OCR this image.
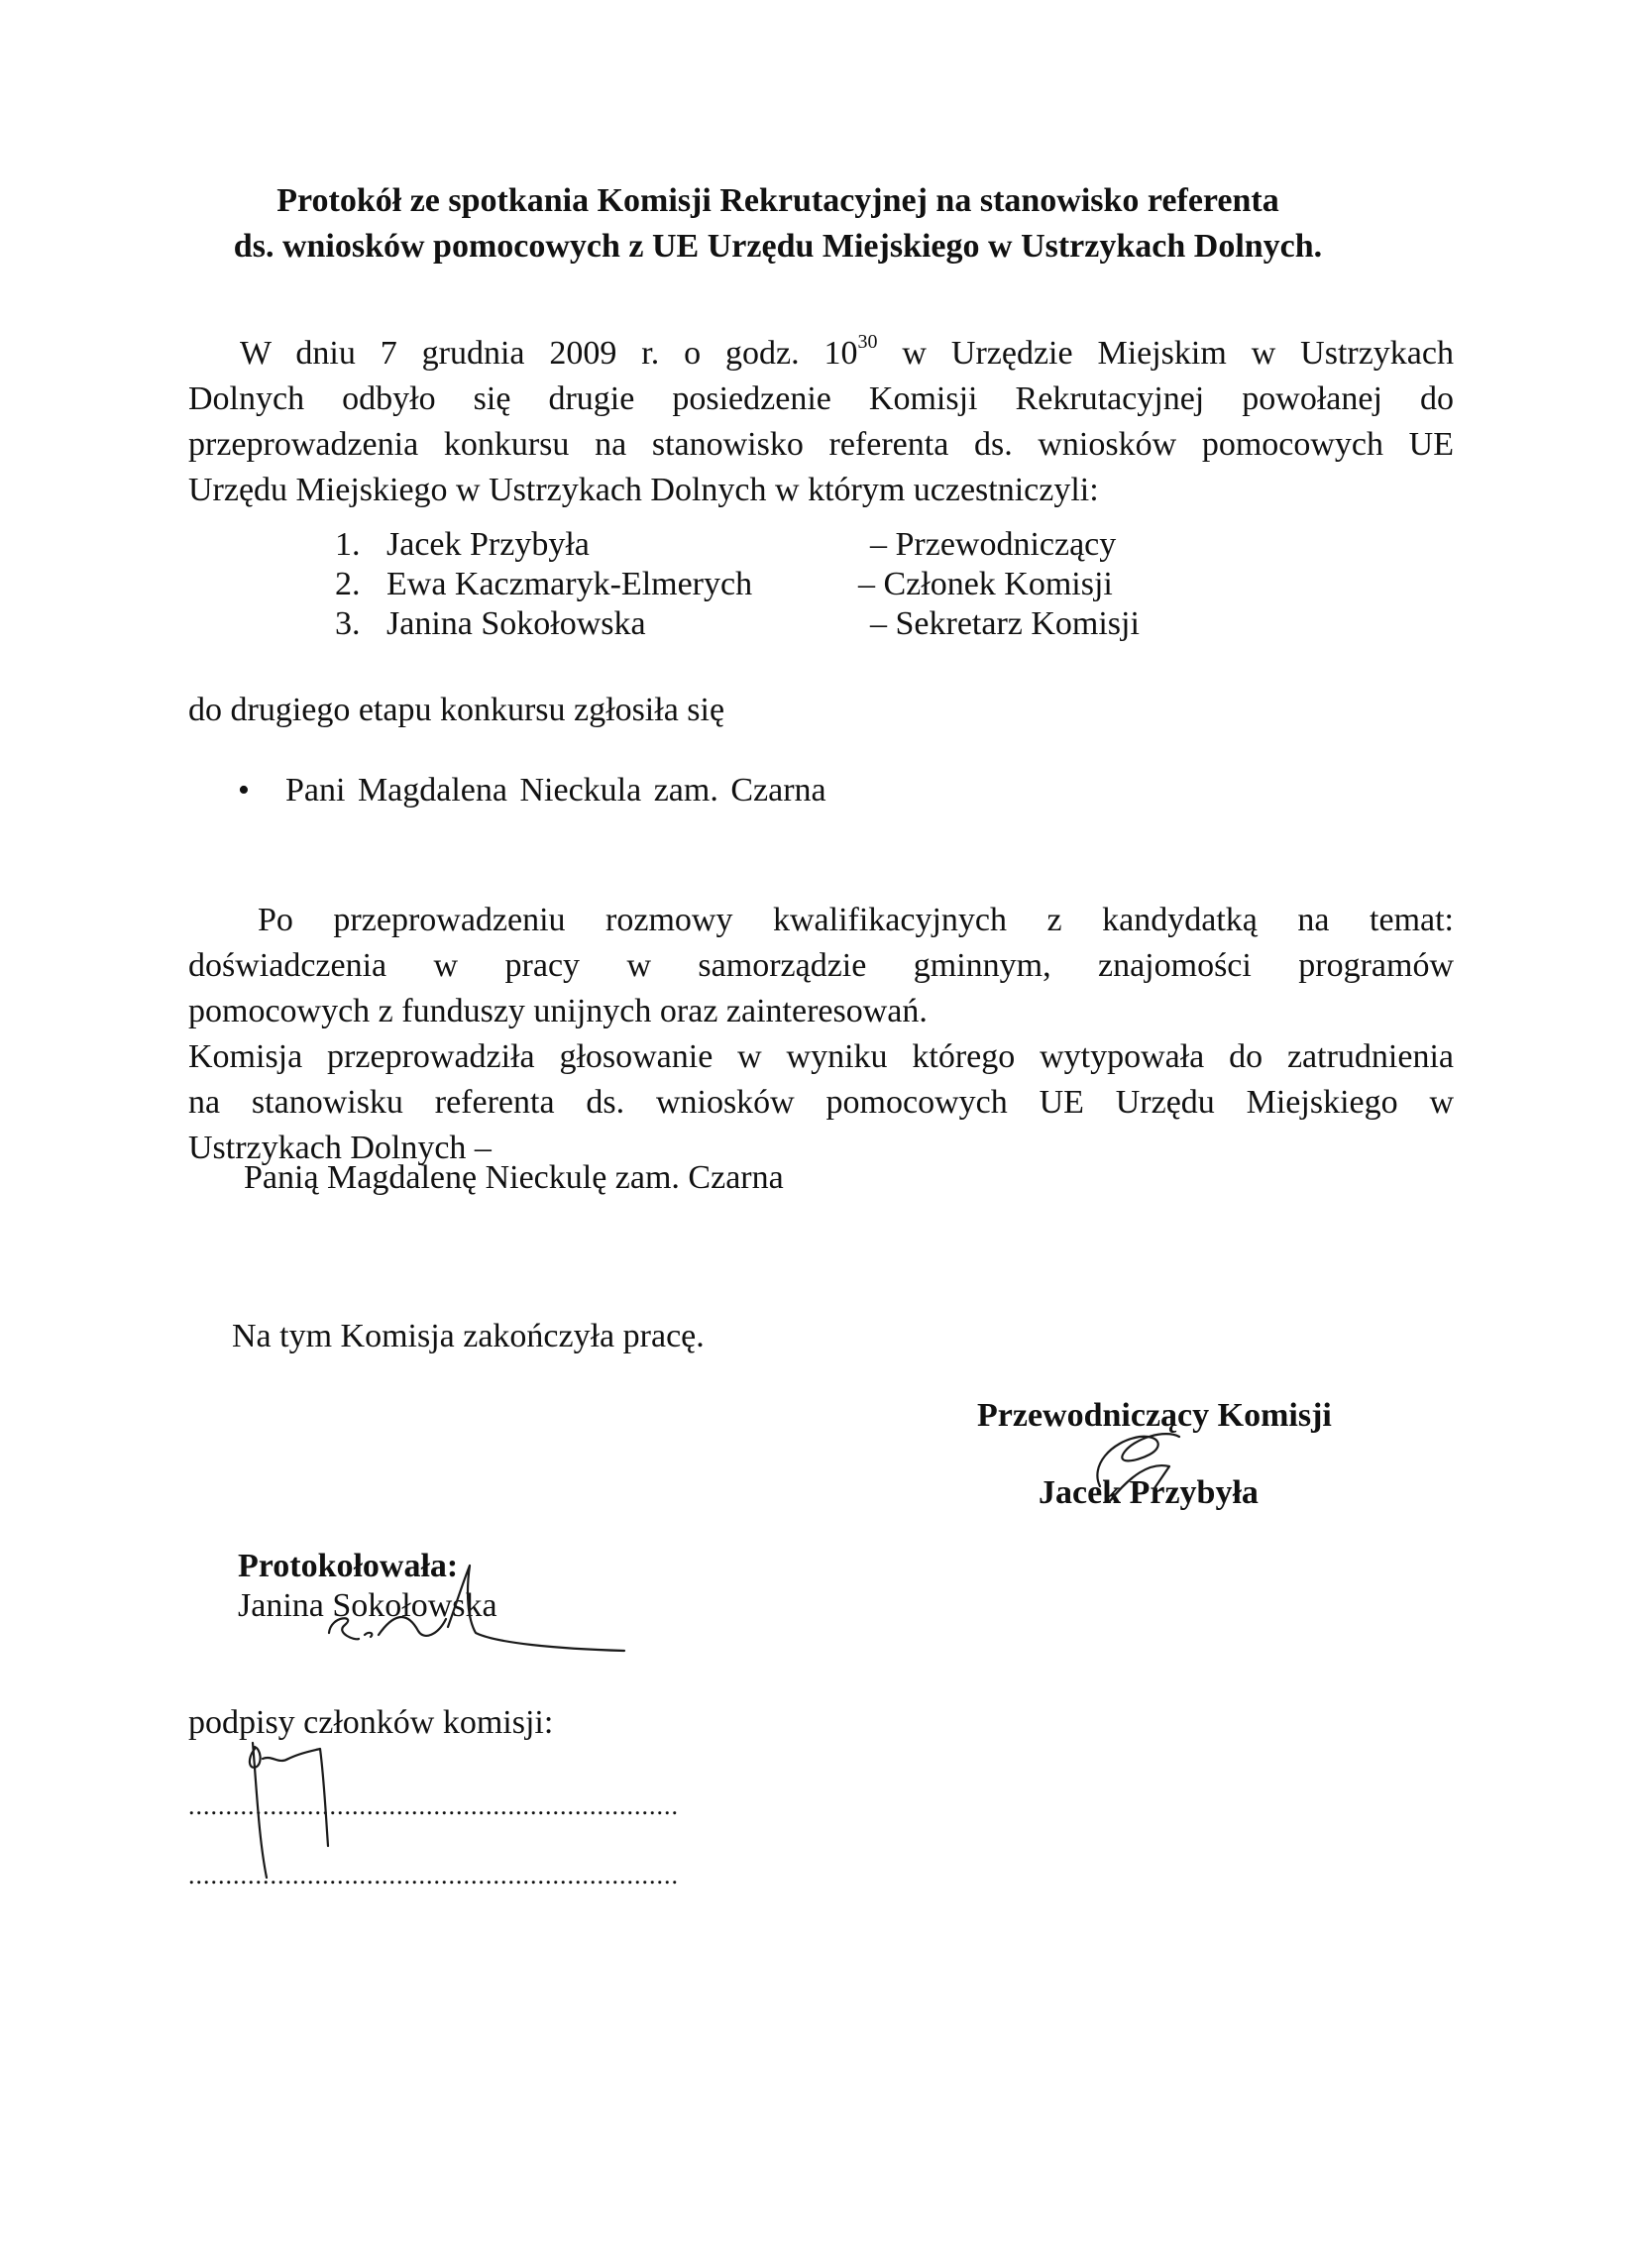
Protokół ze spotkania Komisji Rekrutacyjnej na stanowisko referenta
ds. wniosków pomocowych z UE Urzędu Miejskiego w Ustrzykach Dolnych.
W dniu 7 grudnia 2009 r. o godz. $10^{30}$ w Urzędzie Miejskim w Ustrzykach
Dolnych odbyło się drugie posiedzenie Komisji Rekrutacyjnej powołanej do
przeprowadzenia konkursu na stanowisko referenta ds. wniosków pomocowych UE
Urzędu Miejskiego w Ustrzykach Dolnych w którym uczestniczyli:
1. Jacek Przybyła	– Przewodniczący
2. Ewa Kaczmaryk-Elmerych	– Członek Komisji
3. Janina Sokołowska	– Sekretarz Komisji
do drugiego etapu konkursu zgłosiła się
• Pani Magdalena Nieckula zam. Czarna
Po przeprowadzeniu rozmowy kwalifikacyjnych z kandydatką na temat:
doświadczenia w pracy w samorządzie gminnym, znajomości programów
pomocowych z funduszy unijnych oraz zainteresowań.
Komisja przeprowadziła głosowanie w wyniku którego wytypowała do zatrudnienia
na stanowisku referenta ds. wniosków pomocowych UE Urzędu Miejskiego w
Ustrzykach Dolnych –
Panią Magdalenę Nieckulę zam. Czarna
Na tym Komisja zakończyła pracę.
Przewodniczący Komisji
Jacek Przybyła
Protokołowała:
Janina Sokołowska
podpisy członków komisji:
..................................................................
..................................................................
